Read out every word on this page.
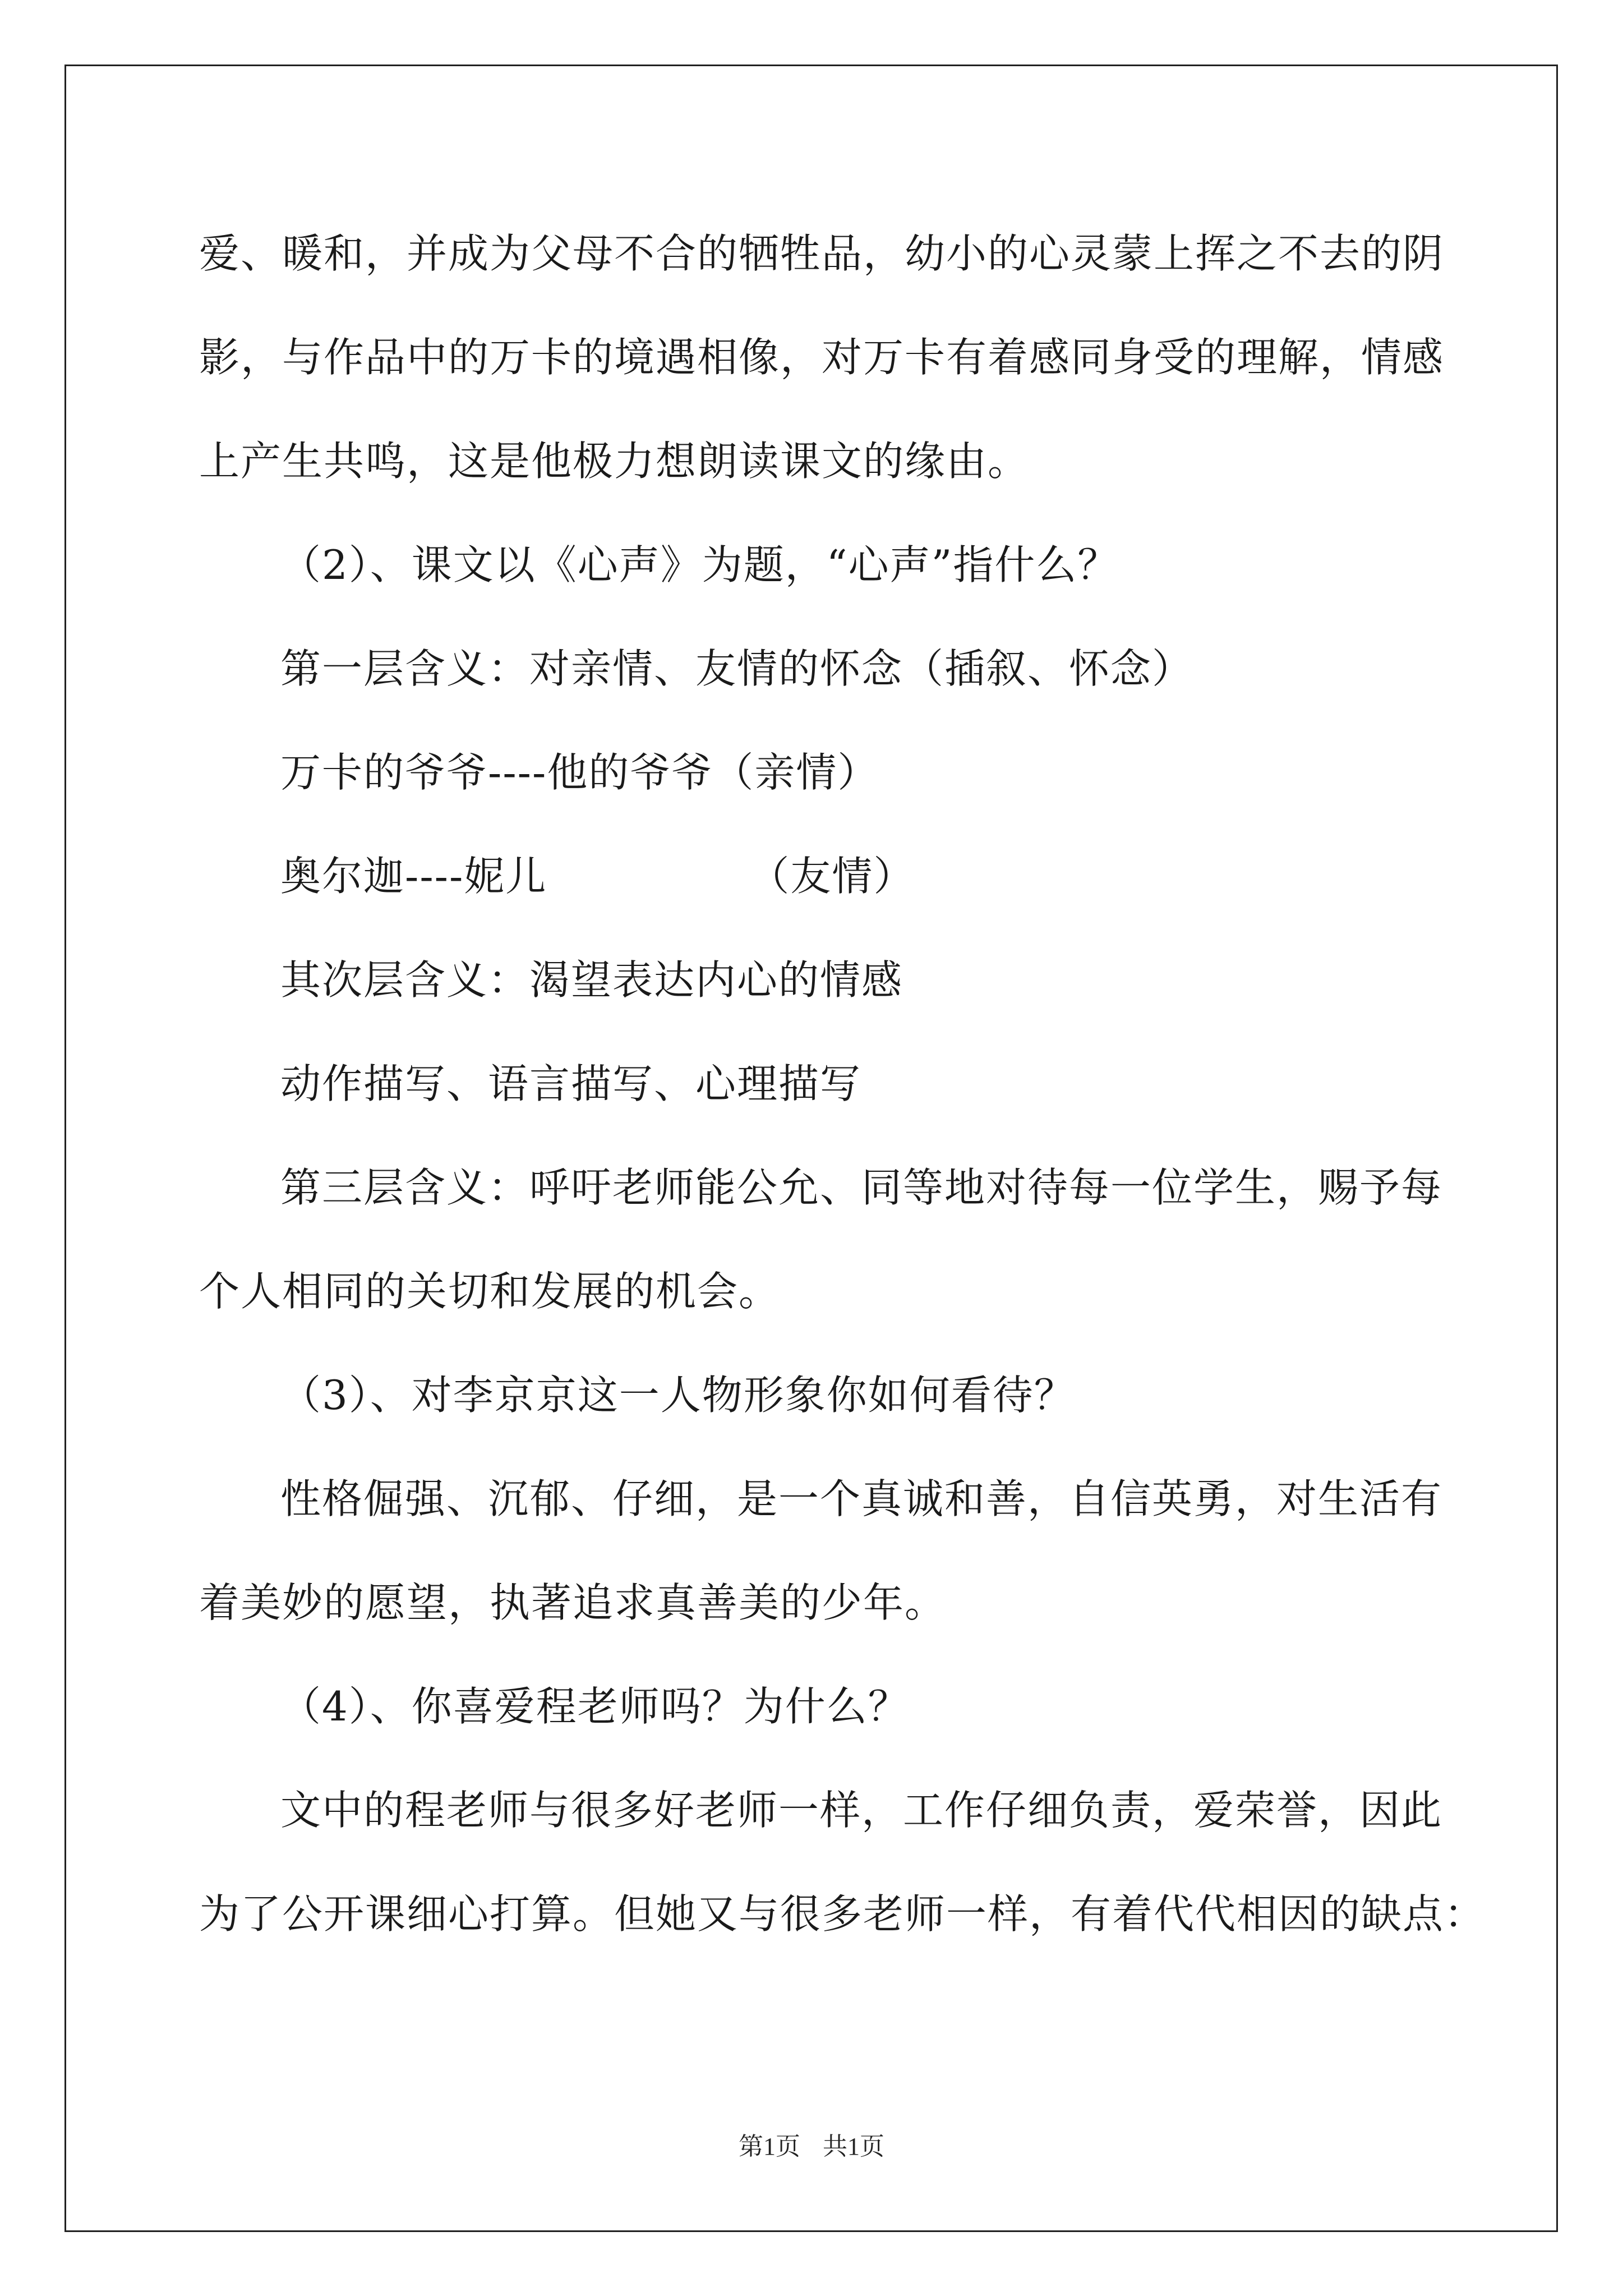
爱、暖和，并成为父母不合的牺牲品，幼小的心灵蒙上挥之不去的阴
影，与作品中的万卡的境遇相像，对万卡有着感同身受的理解，情感
上产生共鸣，这是他极力想朗读课文的缘由。
（2）、课文以《心声》为题，“心声”指什么？
第一层含义：对亲情、友情的怀念（插叙、怀念）
万卡的爷爷----他的爷爷（亲情）
奥尔迦----妮儿	（友情）
其次层含义：渴望表达内心的情感
动作描写、语言描写、心理描写
第三层含义：呼吁老师能公允、同等地对待每一位学生，赐予每
个人相同的关切和发展的机会。
（3）、对李京京这一人物形象你如何看待？
性格倔强、沉郁、仔细，是一个真诚和善，自信英勇，对生活有
着美妙的愿望，执著追求真善美的少年。
（4）、你喜爱程老师吗？为什么？
文中的程老师与很多好老师一样，工作仔细负责，爱荣誉，因此
为了公开课细心打算。但她又与很多老师一样，有着代代相因的缺点：
第1页 共1页
